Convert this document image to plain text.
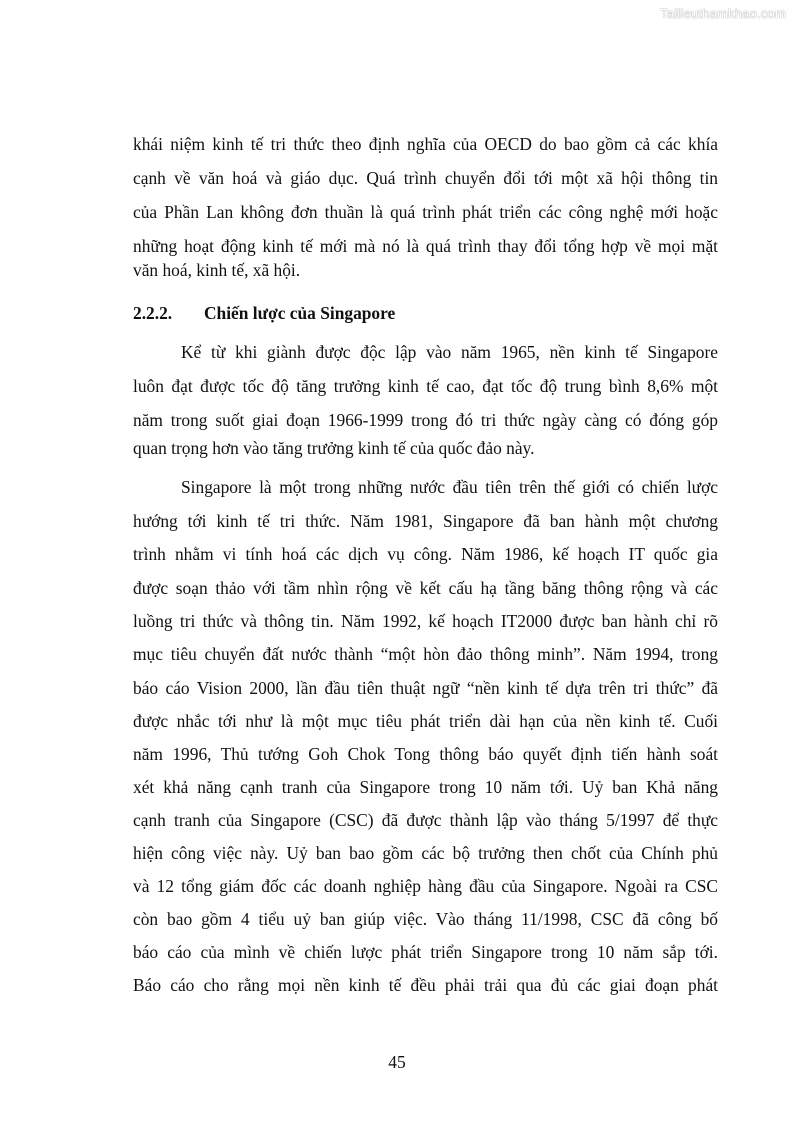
Tailieuthamkhao.com
khái niệm kinh tế tri thức theo định nghĩa của OECD do bao gồm cả các khía
cạnh về văn hoá và giáo dục. Quá trình chuyển đổi tới một xã hội thông tin
của Phần Lan không đơn thuần là quá trình phát triển các công nghệ mới hoặc
những hoạt động kinh tế mới mà nó là quá trình thay đổi tổng hợp về mọi mặt
văn hoá, kinh tế, xã hội.
2.2.2. Chiến lược của Singapore
Kể từ khi giành được độc lập vào năm 1965, nền kinh tế Singapore
luôn đạt được tốc độ tăng trưởng kinh tế cao, đạt tốc độ trung bình 8,6% một
năm trong suốt giai đoạn 1966-1999 trong đó tri thức ngày càng có đóng góp
quan trọng hơn vào tăng trưởng kinh tế của quốc đảo này.
Singapore là một trong những nước đầu tiên trên thế giới có chiến lược
hướng tới kinh tế tri thức. Năm 1981, Singapore đã ban hành một chương
trình nhằm vi tính hoá các dịch vụ công. Năm 1986, kế hoạch IT quốc gia
được soạn thảo với tầm nhìn rộng về kết cấu hạ tầng băng thông rộng và các
luồng tri thức và thông tin. Năm 1992, kế hoạch IT2000 được ban hành chỉ rõ
mục tiêu chuyển đất nước thành “một hòn đảo thông minh”. Năm 1994, trong
báo cáo Vision 2000, lần đầu tiên thuật ngữ “nền kinh tế dựa trên tri thức” đã
được nhắc tới như là một mục tiêu phát triển dài hạn của nền kinh tế. Cuối
năm 1996, Thủ tướng Goh Chok Tong thông báo quyết định tiến hành soát
xét khả năng cạnh tranh của Singapore trong 10 năm tới. Uỷ ban Khả năng
cạnh tranh của Singapore (CSC) đã được thành lập vào tháng 5/1997 để thực
hiện công việc này. Uỷ ban bao gồm các bộ trưởng then chốt của Chính phủ
và 12 tổng giám đốc các doanh nghiệp hàng đầu của Singapore. Ngoài ra CSC
còn bao gồm 4 tiểu uỷ ban giúp việc. Vào tháng 11/1998, CSC đã công bố
báo cáo của mình về chiến lược phát triển Singapore trong 10 năm sắp tới.
Báo cáo cho rằng mọi nền kinh tế đều phải trải qua đủ các giai đoạn phát
45
